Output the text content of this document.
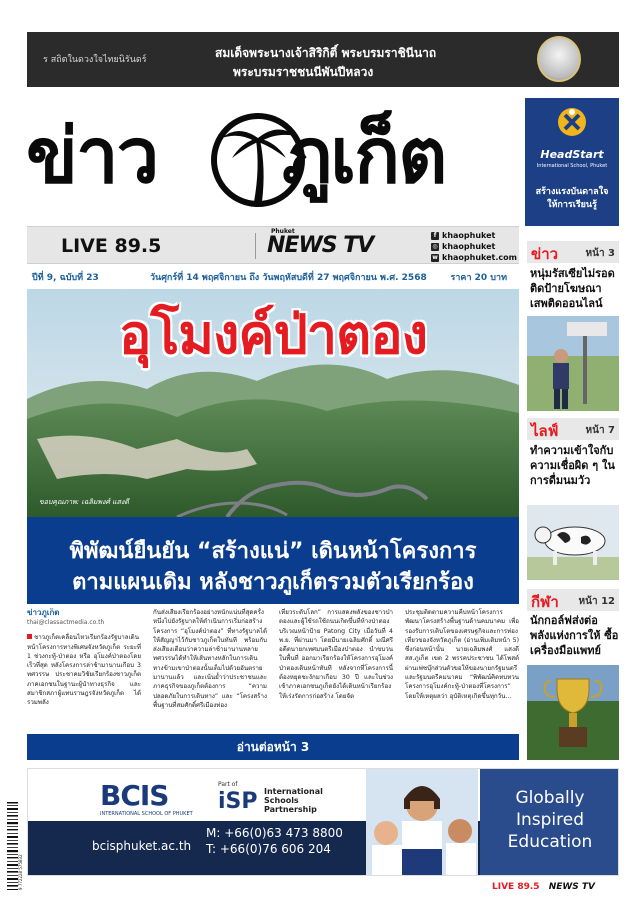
ร สถิตในดวงใจไทยนิรันดร์	สมเด็จพระนางเจ้าสิริกิติ์ พระบรมราชินีนาถ
พระบรมราชชนนีพันปีหลวง
ข่าว ภูเก็ต	HeadStart
International School, Phuket
สร้างแรงบันดาลใจให้การเรียนรู้
LIVE 89.5
Phuket
NEWS TV	f khaophuket
◎ khaophuket
w khaophuket.com
ปีที่ 9, ฉบับที่ 23	วันศุกร์ที่ 14 พฤศจิกายน ถึง วันพฤหัสบดีที่ 27 พฤศจิกายน พ.ศ. 2568	ราคา 20 บาท
อุโมงค์ป่าตอง
ขอบคุณภาพ: เฉลิมพงศ์ แสงดี
พิพัฒน์ยืนยัน “สร้างแน่” เดินหน้าโครงการ
ตามแผนเดิม หลังชาวภูเก็ตรวมตัวเรียกร้อง
ข่าวภูเก็ต
thai@classactmedia.co.th
ชาวภูเก็ตเคลื่อนไหวเรียกร้องรัฐบาลเดินหน้าโครงการทางพิเศษจังหวัดภูเก็ต ระยะที่ 1 ช่วงกะทู้-ป่าตอง หรือ อุโมงค์ป่าตองโดยเร็วที่สุด หลังโครงการล่าช้ามานานเกือบ 3 ทศวรรษ ประชาคมวิชัยเรียกร้องชาวภูเก็ต ภาคเอกชนในฐานะผู้นำทางธุรกิจ และสมาชิกสภาผู้แทนราษฎรจังหวัดภูเก็ต ได้รวมพลัง
กันส่งเสียงเรียกร้องอย่างหนักแน่นที่สุดครั้งหนึ่งไปยังรัฐบาลให้ดำเนินการเริ่มก่อสร้างโครงการ “อุโมงค์ป่าตอง” ที่ทางรัฐบาลได้ให้สัญญาไว้กับชาวภูเก็ตในทันที พร้อมกับส่งเสียงเตือนว่าความล่าช้ามานานหลายทศวรรษได้ทำให้เส้นทางหลักในการเดินทางข้ามเขาป่าตองนั้นเต็มไปด้วยอันตรายมานานแล้ว และเน้นย้ำว่าประชาชนและภาคธุรกิจของภูเก็ตต้องการ “ความปลอดภัยในการเดินทาง” และ “โครงสร้างพื้นฐานที่สมศักดิ์ศรีเมืองท่อง
เที่ยวระดับโลก” การแสดงพลังของชาวป่าตองและผู้ใช้รถใช้ถนนเกิดขึ้นที่ห้างป่าตองบริเวณหน้าป้าย Patong City เมื่อวันที่ 4 พ.ย. ที่ผ่านมา โดยมีนายเฉลิมศักดิ์ มณีศรี อดีตนายกเทศมนตรีเมืองป่าตอง นำขบวนในพื้นที่ ออกมาเรียกร้องให้โครงการอุโมงค์ป่าตองเดินหน้าทันที หลังจากที่โครงการนี้ต้องหยุดชะงักมาเกือบ 30 ปี และในช่วงเช้าภาคเอกชนภูเก็ตยังได้เดินหน้าเรียกร้องให้เร่งรัดการก่อสร้าง โดยจัด
ประชุมติดตามความคืบหน้าโครงการ พัฒนาโครงสร้างพื้นฐานด้านคมนาคม เพื่อรองรับการเติบโตของเศรษฐกิจและการท่องเที่ยวของจังหวัดภูเก็ต (อ่านเพิ่มเติมหน้า 5) ซึ่งก่อนหน้านั้น นายเฉลิมพงศ์ แสงดี สส.ภูเก็ต เขต 2 พรรคประชาชน ได้โพสต์ผ่านเฟซบุ๊กส่วนตัวขอให้ของนายกรัฐมนตรีและรัฐมนตรีคมนาคม “พิพัฒน์คิดทบทวนโครงการอุโมงค์กะทู้-ป่าตองที่โครงการ” โดยให้เหตุผลว่า อุบัติเหตุเกิดขึ้นทุกวัน...
อ่านต่อหน้า 3
ข่าว	หน้า 3
หนุ่มรัสเซียไม่รอด ติดป้ายโฆษณา เสพติดออนไลน์
ไลฟ์	หน้า 7
ทำความเข้าใจกับ ความเชื่อผิด ๆ ในการดื่มนมวัว
กีฬา หน้า 12
นักกอล์ฟส่งต่อ พลังแห่งการให้ ซื้อเครื่องมือแพทย์
BCIS
INTERNATIONAL SCHOOL OF PHUKET
Part of
iSP International Schools Partnership
bcisphuket.ac.th
M: +66(0)63 473 8800
T: +66(0)76 606 204
Globally Inspired Education
9 772228 575832	LIVE 89.5 NEWS TV
